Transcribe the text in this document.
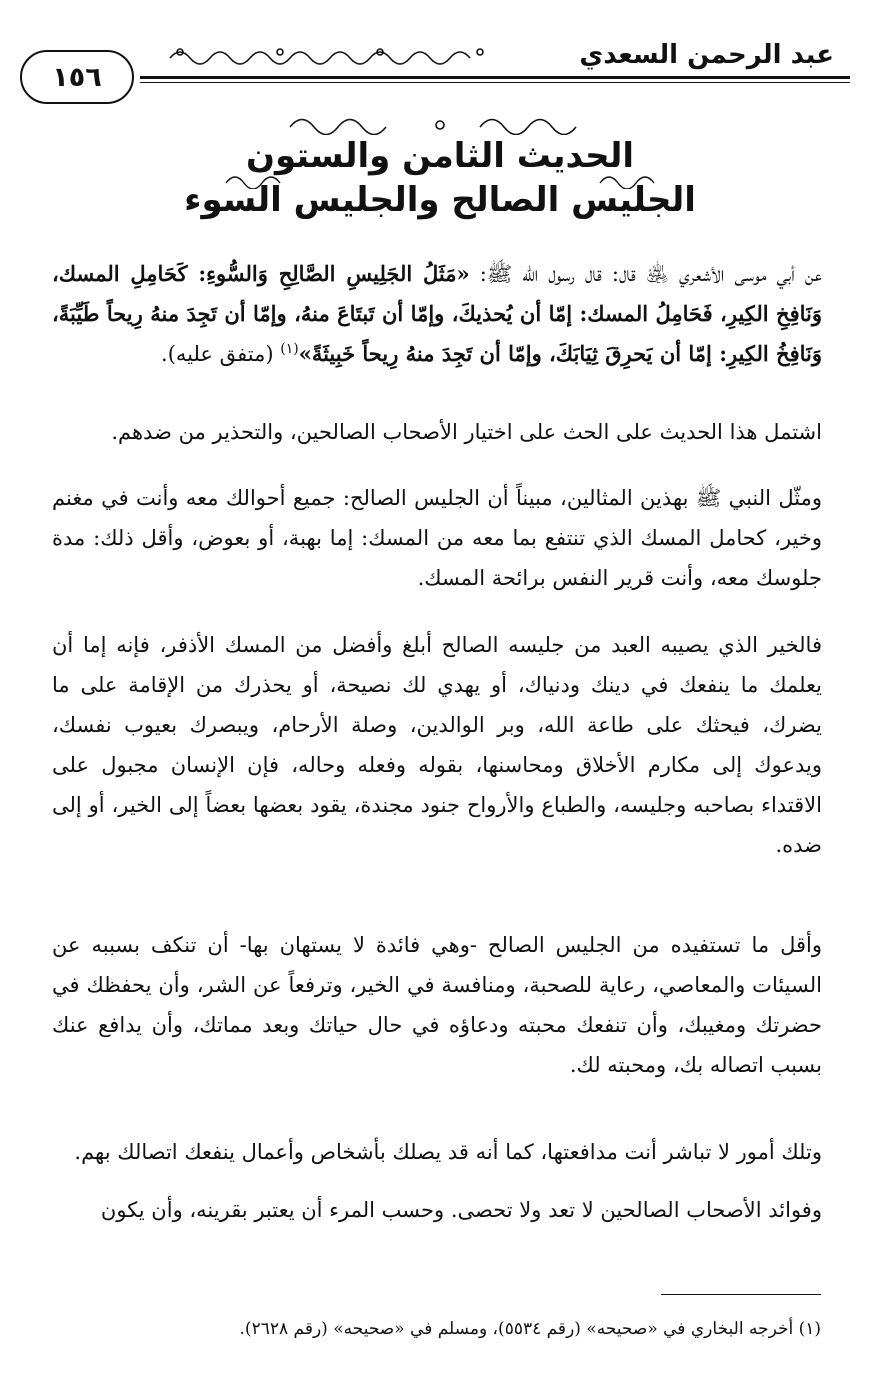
١٥٦
عبد الرحمن السعدي
الحديث الثامن والستون
الجليس الصالح والجليس السوء
عن أبي موسى الأشعري ﵁ قال: قال رسول الله ﷺ: «مَثَلُ الجَلِيسِ الصَّالِحِ وَالسُّوءِ: كَحَامِلِ المسك، وَنَافِخِ الكِيرِ، فَحَامِلُ المسك: إمّا أن يُحذيكَ، وإمّا أن تَبتَاعَ منهُ، وإمّا أن تَجِدَ منهُ رِيحاً طَيِّبَةً، وَنَافِخُ الكِيرِ: إمّا أن يَحرِقَ ثِيَابَكَ، وإمّا أن تَجِدَ منهُ رِيحاً خَبِيثَةً»$^{(١)}$ (متفق عليه).
اشتمل هذا الحديث على الحث على اختيار الأصحاب الصالحين، والتحذير من ضدهم.
ومثّل النبي ﷺ بهذين المثالين، مبيناً أن الجليس الصالح: جميع أحوالك معه وأنت في مغنم وخير، كحامل المسك الذي تنتفع بما معه من المسك: إما بهبة، أو بعوض، وأقل ذلك: مدة جلوسك معه، وأنت قرير النفس برائحة المسك.
فالخير الذي يصيبه العبد من جليسه الصالح أبلغ وأفضل من المسك الأذفر، فإنه إما أن يعلمك ما ينفعك في دينك ودنياك، أو يهدي لك نصيحة، أو يحذرك من الإقامة على ما يضرك، فيحثك على طاعة الله، وبر الوالدين، وصلة الأرحام، ويبصرك بعيوب نفسك، ويدعوك إلى مكارم الأخلاق ومحاسنها، بقوله وفعله وحاله، فإن الإنسان مجبول على الاقتداء بصاحبه وجليسه، والطباع والأرواح جنود مجندة، يقود بعضها بعضاً إلى الخير، أو إلى ضده.
وأقل ما تستفيده من الجليس الصالح -وهي فائدة لا يستهان بها- أن تنكف بسببه عن السيئات والمعاصي، رعاية للصحبة، ومنافسة في الخير، وترفعاً عن الشر، وأن يحفظك في حضرتك ومغيبك، وأن تنفعك محبته ودعاؤه في حال حياتك وبعد مماتك، وأن يدافع عنك بسبب اتصاله بك، ومحبته لك.
وتلك أمور لا تباشر أنت مدافعتها، كما أنه قد يصلك بأشخاص وأعمال ينفعك اتصالك بهم.
وفوائد الأصحاب الصالحين لا تعد ولا تحصى. وحسب المرء أن يعتبر بقرينه، وأن يكون
(١) أخرجه البخاري في «صحيحه» (رقم ٥٥٣٤)، ومسلم في «صحيحه» (رقم ٢٦٢٨).
